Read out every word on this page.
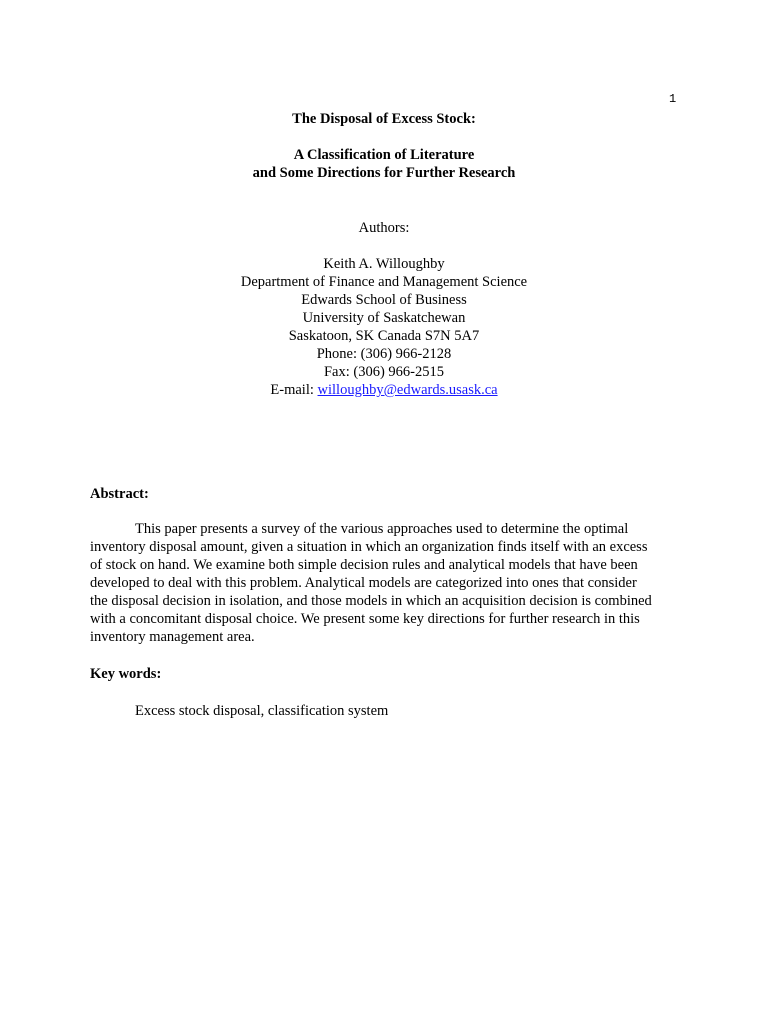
1
The Disposal of Excess Stock:
A Classification of Literature
and Some Directions for Further Research
Authors:
Keith A. Willoughby
Department of Finance and Management Science
Edwards School of Business
University of Saskatchewan
Saskatoon, SK Canada S7N 5A7
Phone: (306) 966-2128
Fax: (306) 966-2515
E-mail: willoughby@edwards.usask.ca
Abstract:
This paper presents a survey of the various approaches used to determine the optimal
inventory disposal amount, given a situation in which an organization finds itself with an excess
of stock on hand. We examine both simple decision rules and analytical models that have been
developed to deal with this problem. Analytical models are categorized into ones that consider
the disposal decision in isolation, and those models in which an acquisition decision is combined
with a concomitant disposal choice. We present some key directions for further research in this
inventory management area.
Key words:
Excess stock disposal, classification system
